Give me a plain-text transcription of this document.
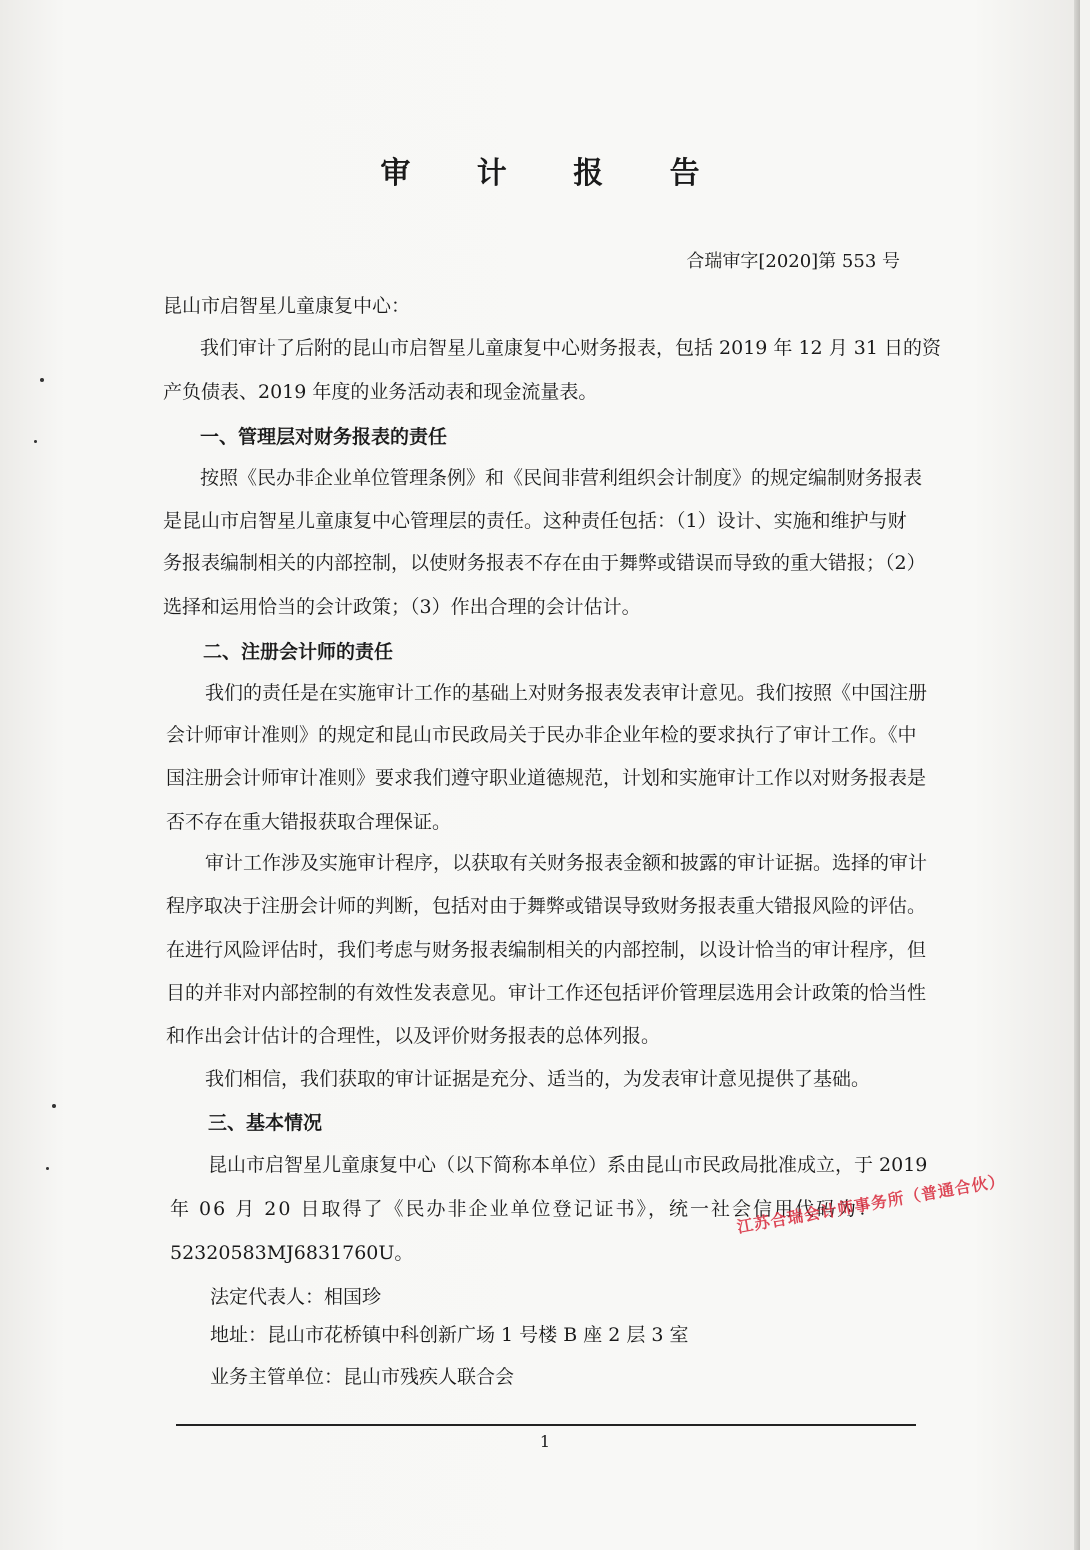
审 计 报 告
合瑞审字[2020]第 553 号
昆山市启智星儿童康复中心：
我们审计了后附的昆山市启智星儿童康复中心财务报表，包括 2019 年 12 月 31 日的资
产负债表、2019 年度的业务活动表和现金流量表。
一、管理层对财务报表的责任
按照《民办非企业单位管理条例》和《民间非营利组织会计制度》的规定编制财务报表
是昆山市启智星儿童康复中心管理层的责任。这种责任包括：（1）设计、实施和维护与财
务报表编制相关的内部控制，以使财务报表不存在由于舞弊或错误而导致的重大错报；（2）
选择和运用恰当的会计政策；（3）作出合理的会计估计。
二、注册会计师的责任
我们的责任是在实施审计工作的基础上对财务报表发表审计意见。我们按照《中国注册
会计师审计准则》的规定和昆山市民政局关于民办非企业年检的要求执行了审计工作。《中
国注册会计师审计准则》要求我们遵守职业道德规范，计划和实施审计工作以对财务报表是
否不存在重大错报获取合理保证。
审计工作涉及实施审计程序，以获取有关财务报表金额和披露的审计证据。选择的审计
程序取决于注册会计师的判断，包括对由于舞弊或错误导致财务报表重大错报风险的评估。
在进行风险评估时，我们考虑与财务报表编制相关的内部控制，以设计恰当的审计程序，但
目的并非对内部控制的有效性发表意见。审计工作还包括评价管理层选用会计政策的恰当性
和作出会计估计的合理性，以及评价财务报表的总体列报。
我们相信，我们获取的审计证据是充分、适当的，为发表审计意见提供了基础。
三、基本情况
昆山市启智星儿童康复中心（以下简称本单位）系由昆山市民政局批准成立，于 2019
年 06 月 20 日取得了《民办非企业单位登记证书》，统一社会信用代码为：
52320583MJ6831760U。
法定代表人：相国珍
地址：昆山市花桥镇中科创新广场 1 号楼 B 座 2 层 3 室
业务主管单位：昆山市残疾人联合会
江苏合瑞会计师事务所（普通合伙）
1
